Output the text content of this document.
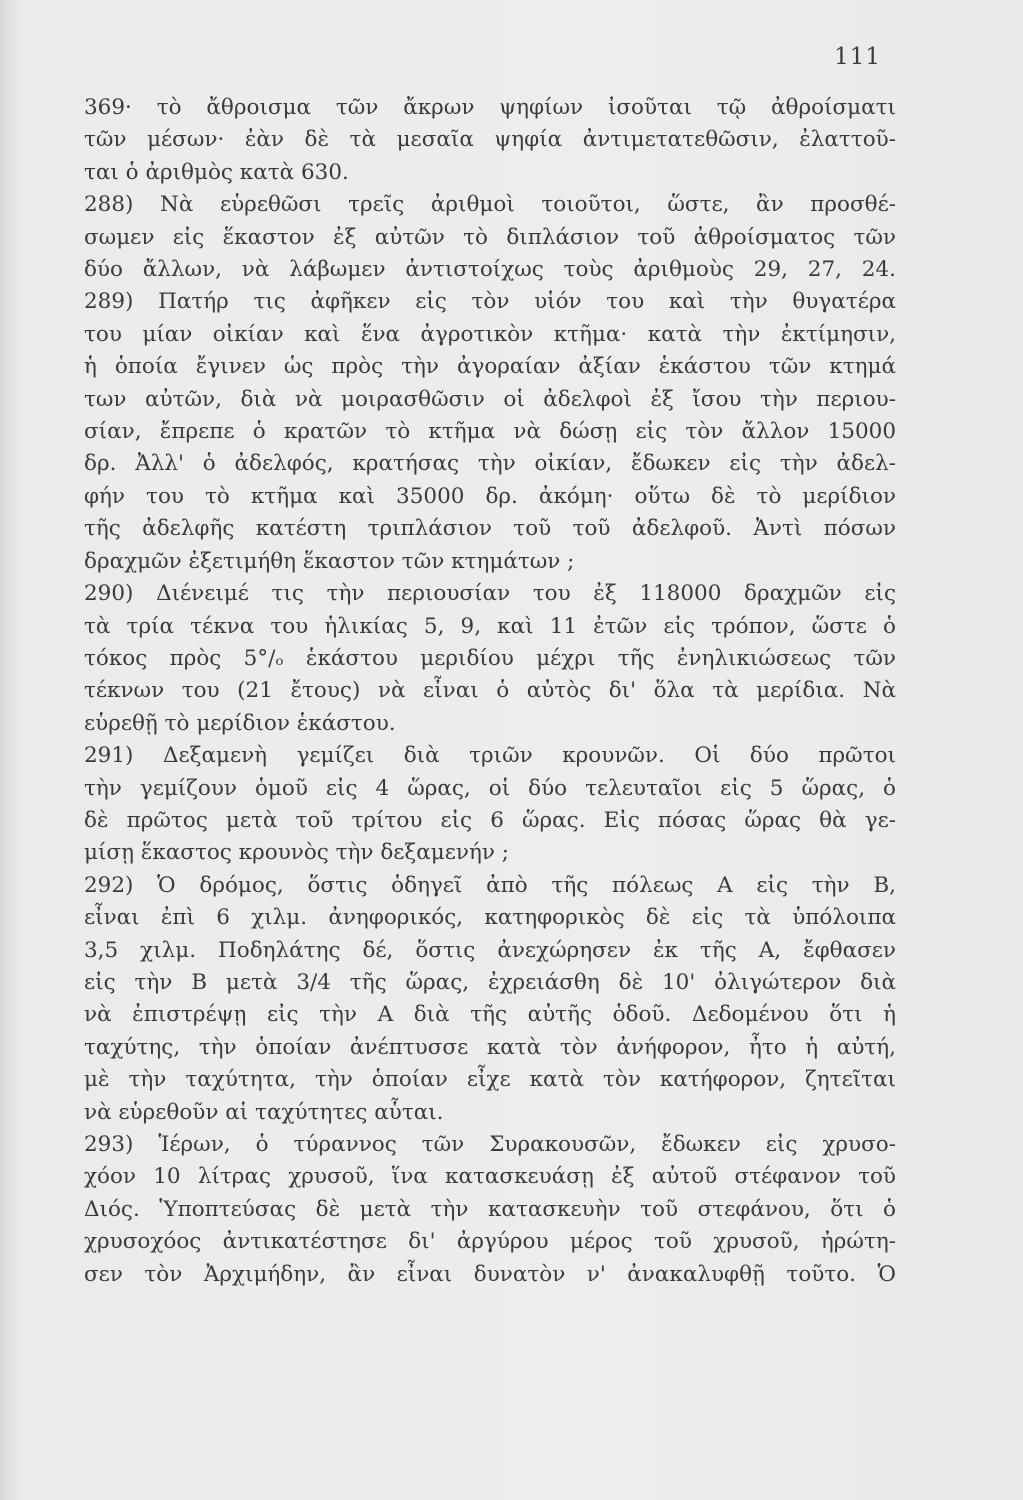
111
369· τὸ ἄθροισμα τῶν ἄκρων ψηφίων ἰσοῦται τῷ ἀθροίσματι
τῶν μέσων· ἐὰν δὲ τὰ μεσαῖα ψηφία ἀντιμετατεθῶσιν, ἐλαττοῦ-
ται ὁ ἀριθμὸς κατὰ 630.
288) Νὰ εὑρεθῶσι τρεῖς ἀριθμοὶ τοιοῦτοι, ὥστε, ἂν προσθέ-
σωμεν εἰς ἕκαστον ἐξ αὐτῶν τὸ διπλάσιον τοῦ ἀθροίσματος τῶν
δύο ἄλλων, νὰ λάβωμεν ἀντιστοίχως τοὺς ἀριθμοὺς 29, 27, 24.
289) Πατήρ τις ἀφῆκεν εἰς τὸν υἱόν του καὶ τὴν θυγατέρα
του μίαν οἰκίαν καὶ ἕνα ἀγροτικὸν κτῆμα· κατὰ τὴν ἐκτίμησιν,
ἡ ὁποία ἔγινεν ὡς πρὸς τὴν ἀγοραίαν ἀξίαν ἑκάστου τῶν κτημά
των αὐτῶν, διὰ νὰ μοιρασθῶσιν οἱ ἀδελφοὶ ἐξ ἴσου τὴν περιου-
σίαν, ἔπρεπε ὁ κρατῶν τὸ κτῆμα νὰ δώσῃ εἰς τὸν ἄλλον 15000
δρ. Ἀλλ' ὁ ἀδελφός, κρατήσας τὴν οἰκίαν, ἔδωκεν εἰς τὴν ἀδελ-
φήν του τὸ κτῆμα καὶ 35000 δρ. ἀκόμη· οὕτω δὲ τὸ μερίδιον
τῆς ἀδελφῆς κατέστη τριπλάσιον τοῦ τοῦ ἀδελφοῦ. Ἀντὶ πόσων
δραχμῶν ἐξετιμήθη ἕκαστον τῶν κτημάτων ;
290) Διένειμέ τις τὴν περιουσίαν του ἐξ 118000 δραχμῶν εἰς
τὰ τρία τέκνα του ἡλικίας 5, 9, καὶ 11 ἐτῶν εἰς τρόπον, ὥστε ὁ
τόκος πρὸς 5°/ₒ ἑκάστου μεριδίου μέχρι τῆς ἐνηλικιώσεως τῶν
τέκνων του (21 ἔτους) νὰ εἶναι ὁ αὐτὸς δι' ὅλα τὰ μερίδια. Νὰ
εὑρεθῇ τὸ μερίδιον ἑκάστου.
291) Δεξαμενὴ γεμίζει διὰ τριῶν κρουνῶν. Οἱ δύο πρῶτοι
τὴν γεμίζουν ὁμοῦ εἰς 4 ὥρας, οἱ δύο τελευταῖοι εἰς 5 ὥρας, ὁ
δὲ πρῶτος μετὰ τοῦ τρίτου εἰς 6 ὥρας. Εἰς πόσας ὥρας θὰ γε-
μίσῃ ἕκαστος κρουνὸς τὴν δεξαμενήν ;
292) Ὁ δρόμος, ὅστις ὁδηγεῖ ἀπὸ τῆς πόλεως Α εἰς τὴν Β,
εἶναι ἐπὶ 6 χιλμ. ἀνηφορικός, κατηφορικὸς δὲ εἰς τὰ ὑπόλοιπα
3,5 χιλμ. Ποδηλάτης δέ, ὅστις ἀνεχώρησεν ἐκ τῆς Α, ἔφθασεν
εἰς τὴν Β μετὰ 3/4 τῆς ὥρας, ἐχρειάσθη δὲ 10' ὀλιγώτερον διὰ
νὰ ἐπιστρέψῃ εἰς τὴν Α διὰ τῆς αὐτῆς ὁδοῦ. Δεδομένου ὅτι ἡ
ταχύτης, τὴν ὁποίαν ἀνέπτυσσε κατὰ τὸν ἀνήφορον, ἦτο ἡ αὐτή,
μὲ τὴν ταχύτητα, τὴν ὁποίαν εἶχε κατὰ τὸν κατήφορον, ζητεῖται
νὰ εὑρεθοῦν αἱ ταχύτητες αὗται.
293) Ἱέρων, ὁ τύραννος τῶν Συρακουσῶν, ἔδωκεν εἰς χρυσο-
χόον 10 λίτρας χρυσοῦ, ἵνα κατασκευάσῃ ἐξ αὐτοῦ στέφανον τοῦ
Διός. Ὑποπτεύσας δὲ μετὰ τὴν κατασκευὴν τοῦ στεφάνου, ὅτι ὁ
χρυσοχόος ἀντικατέστησε δι' ἀργύρου μέρος τοῦ χρυσοῦ, ἠρώτη-
σεν τὸν Ἀρχιμήδην, ἂν εἶναι δυνατὸν ν' ἀνακαλυφθῇ τοῦτο. Ὁ
